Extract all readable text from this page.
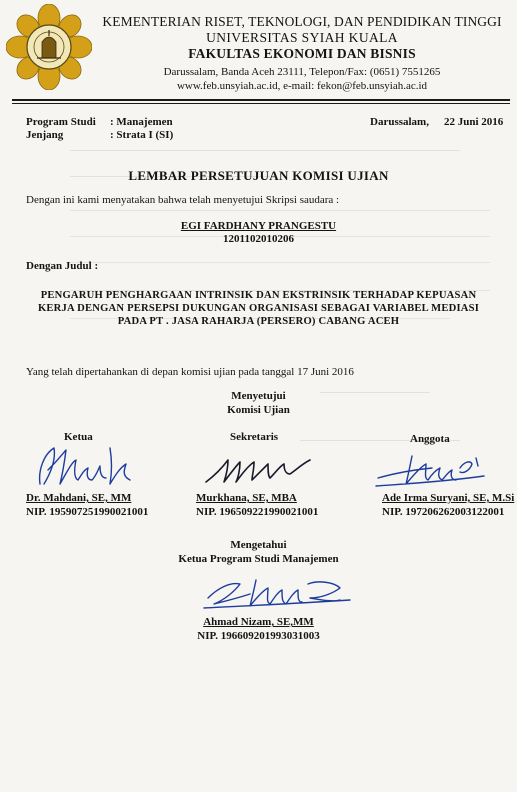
KEMENTERIAN RISET, TEKNOLOGI, DAN PENDIDIKAN TINGGI
UNIVERSITAS SYIAH KUALA
FAKULTAS EKONOMI DAN BISNIS
Darussalam, Banda Aceh 23111, Telepon/Fax: (0651) 7551265
www.feb.unsyiah.ac.id, e-mail: fekon@feb.unsyiah.ac.id
Program Studi : Manajemen
Jenjang	: Strata I (SI)
Darussalam, 22 Juni 2016
LEMBAR PERSETUJUAN KOMISI UJIAN
Dengan ini kami menyatakan bahwa telah menyetujui Skripsi saudara :
EGI FARDHANY PRANGESTU
1201102010206
Dengan Judul :
PENGARUH PENGHARGAAN INTRINSIK DAN EKSTRINSIK TERHADAP KEPUASAN
KERJA DENGAN PERSEPSI DUKUNGAN ORGANISASI SEBAGAI VARIABEL MEDIASI
PADA PT . JASA RAHARJA (PERSERO) CABANG ACEH
Yang telah dipertahankan di depan komisi ujian pada tanggal 17 Juni 2016
Menyetujui
Komisi Ujian
Ketua
Dr. Mahdani, SE, MM
NIP. 195907251990021001
Sekretaris
Murkhana, SE, MBA
NIP. 196509221990021001
Anggota
Ade Irma Suryani, SE, M.Si
NIP. 197206262003122001
Mengetahui
Ketua Program Studi Manajemen
Ahmad Nizam, SE,MM
NIP. 196609201993031003
